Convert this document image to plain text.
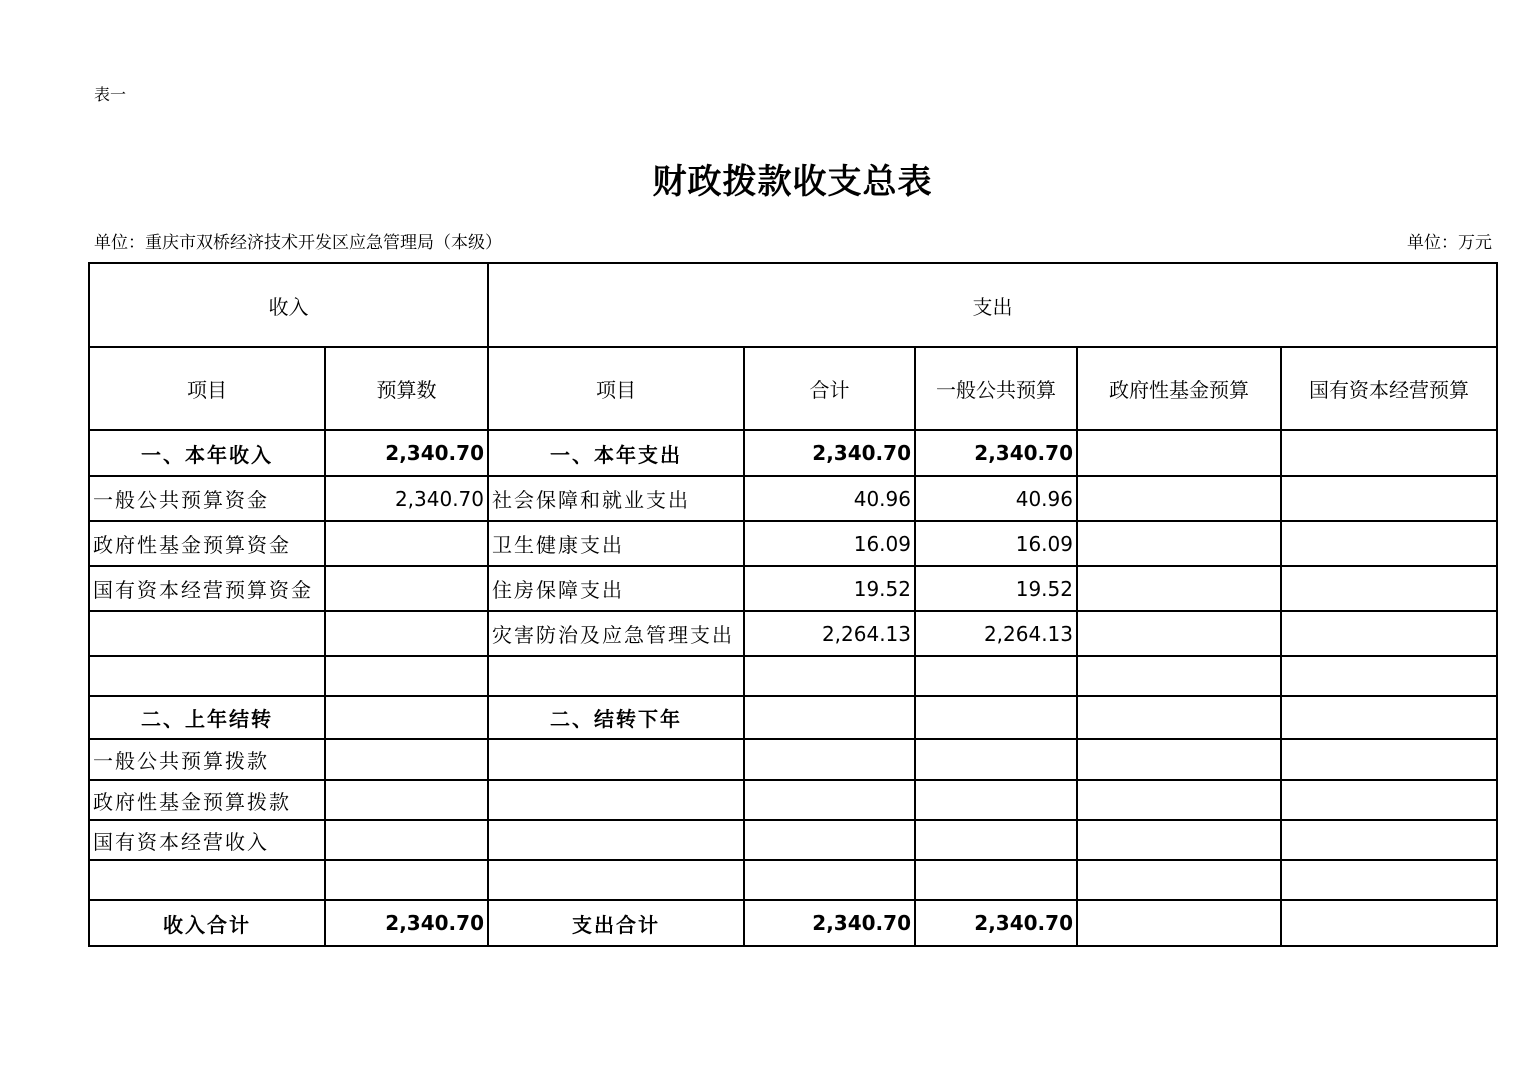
表一
财政拨款收支总表
单位：重庆市双桥经济技术开发区应急管理局（本级）	单位：万元
收入		支出				
项目	预算数	项目	合计	一般公共预算	政府性基金预算	国有资本经营预算
一、本年收入	2,340.70	一、本年支出	2,340.70	2,340.70		
一般公共预算资金	2,340.70	社会保障和就业支出	40.96	40.96		
政府性基金预算资金		卫生健康支出	16.09	16.09		
国有资本经营预算资金		住房保障支出	19.52	19.52		
		灾害防治及应急管理支出	2,264.13	2,264.13		

二、上年结转		二、结转下年				
一般公共预算拨款						
政府性基金预算拨款						
国有资本经营收入						

收入合计	2,340.70	支出合计	2,340.70	2,340.70		
